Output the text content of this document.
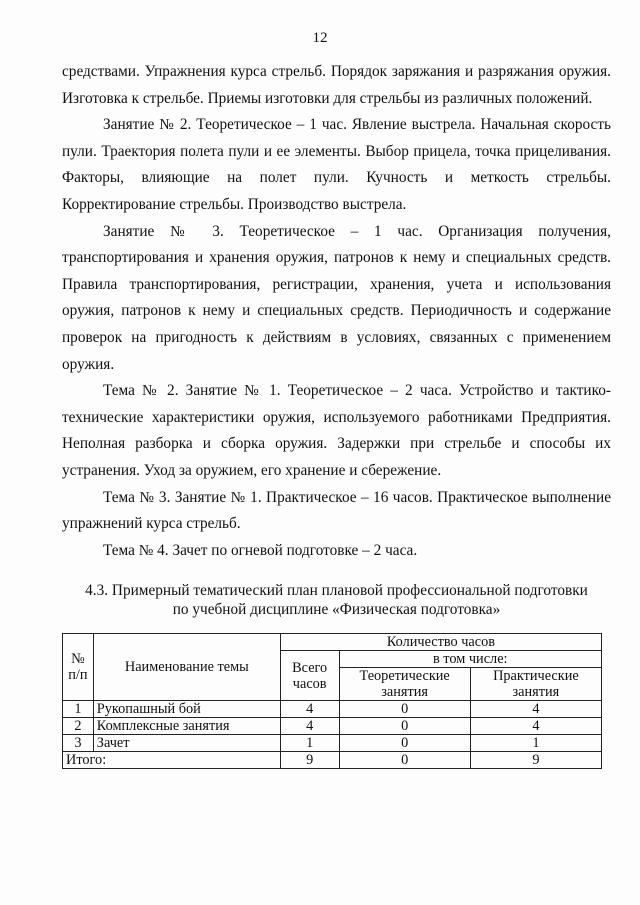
12

средствами. Упражнения курса стрельб. Порядок заряжания и разряжания оружия. Изготовка к стрельбе. Приемы изготовки для стрельбы из различных положений.

Занятие № 2. Теоретическое – 1 час. Явление выстрела. Начальная скорость пули. Траектория полета пули и ее элементы. Выбор прицела, точка прицеливания. Факторы, влияющие на полет пули. Кучность и меткость стрельбы. Корректирование стрельбы. Производство выстрела.

Занятие № 3. Теоретическое – 1 час. Организация получения, транспортирования и хранения оружия, патронов к нему и специальных средств. Правила транспортирования, регистрации, хранения, учета и использования оружия, патронов к нему и специальных средств. Периодичность и содержание проверок на пригодность к действиям в условиях, связанных с применением оружия.

Тема № 2. Занятие № 1. Теоретическое – 2 часа. Устройство и тактико-технические характеристики оружия, используемого работниками Предприятия. Неполная разборка и сборка оружия. Задержки при стрельбе и способы их устранения. Уход за оружием, его хранение и сбережение.

Тема № 3. Занятие № 1. Практическое – 16 часов. Практическое выполнение упражнений курса стрельб.

Тема № 4. Зачет по огневой подготовке – 2 часа.

4.3. Примерный тематический план плановой профессиональной подготовки
по учебной дисциплине «Физическая подготовка»
№ п/п	Наименование темы	Количество часов		
		Всего часов	в том числе:	
			Теоретические занятия	Практические занятия
1	Рукопашный бой	4	0	4
2	Комплексные занятия	4	0	4
3	Зачет	1	0	1
Итого:		9	0	9
